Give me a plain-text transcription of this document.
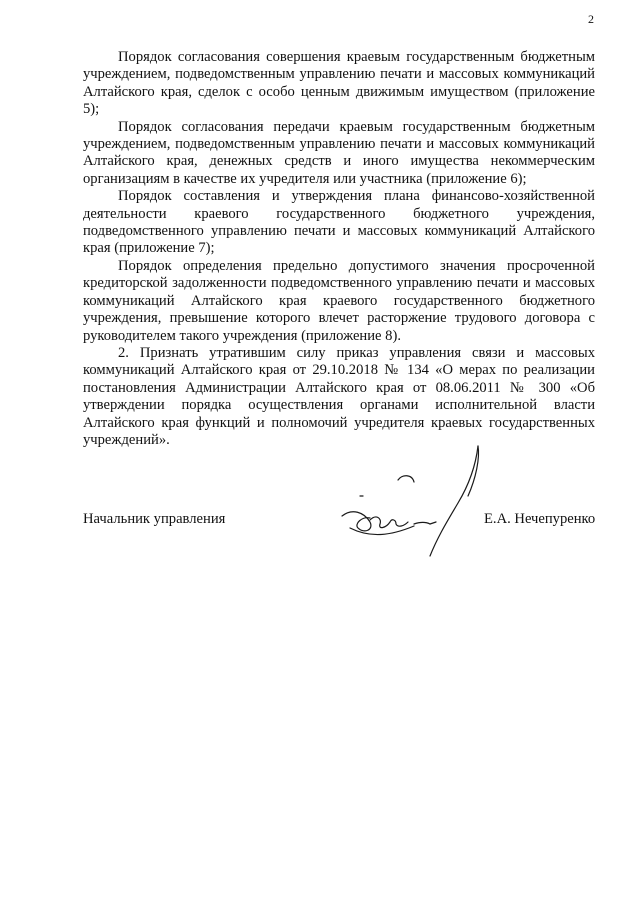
2

Порядок согласования совершения краевым государственным бюджетным учреждением, подведомственным управлению печати и массовых коммуникаций Алтайского края, сделок с особо ценным движимым имуществом (приложение 5);

Порядок согласования передачи краевым государственным бюджетным учреждением, подведомственным управлению печати и массовых коммуникаций Алтайского края, денежных средств и иного имущества некоммерческим организациям в качестве их учредителя или участника (приложение 6);

Порядок составления и утверждения плана финансово-хозяйственной деятельности краевого государственного бюджетного учреждения, подведомственного управлению печати и массовых коммуникаций Алтайского края (приложение 7);

Порядок определения предельно допустимого значения просроченной кредиторской задолженности подведомственного управлению печати и массовых коммуникаций Алтайского края краевого государственного бюджетного учреждения, превышение которого влечет расторжение трудового договора с руководителем такого учреждения (приложение 8).

2. Признать утратившим силу приказ управления связи и массовых коммуникаций Алтайского края от 29.10.2018 № 134 «О мерах по реализации постановления Администрации Алтайского края от 08.06.2011 № 300 «Об утверждении порядка осуществления органами исполнительной власти Алтайского края функций и полномочий учредителя краевых государственных учреждений».

Начальник управления	Е.А. Нечепуренко
